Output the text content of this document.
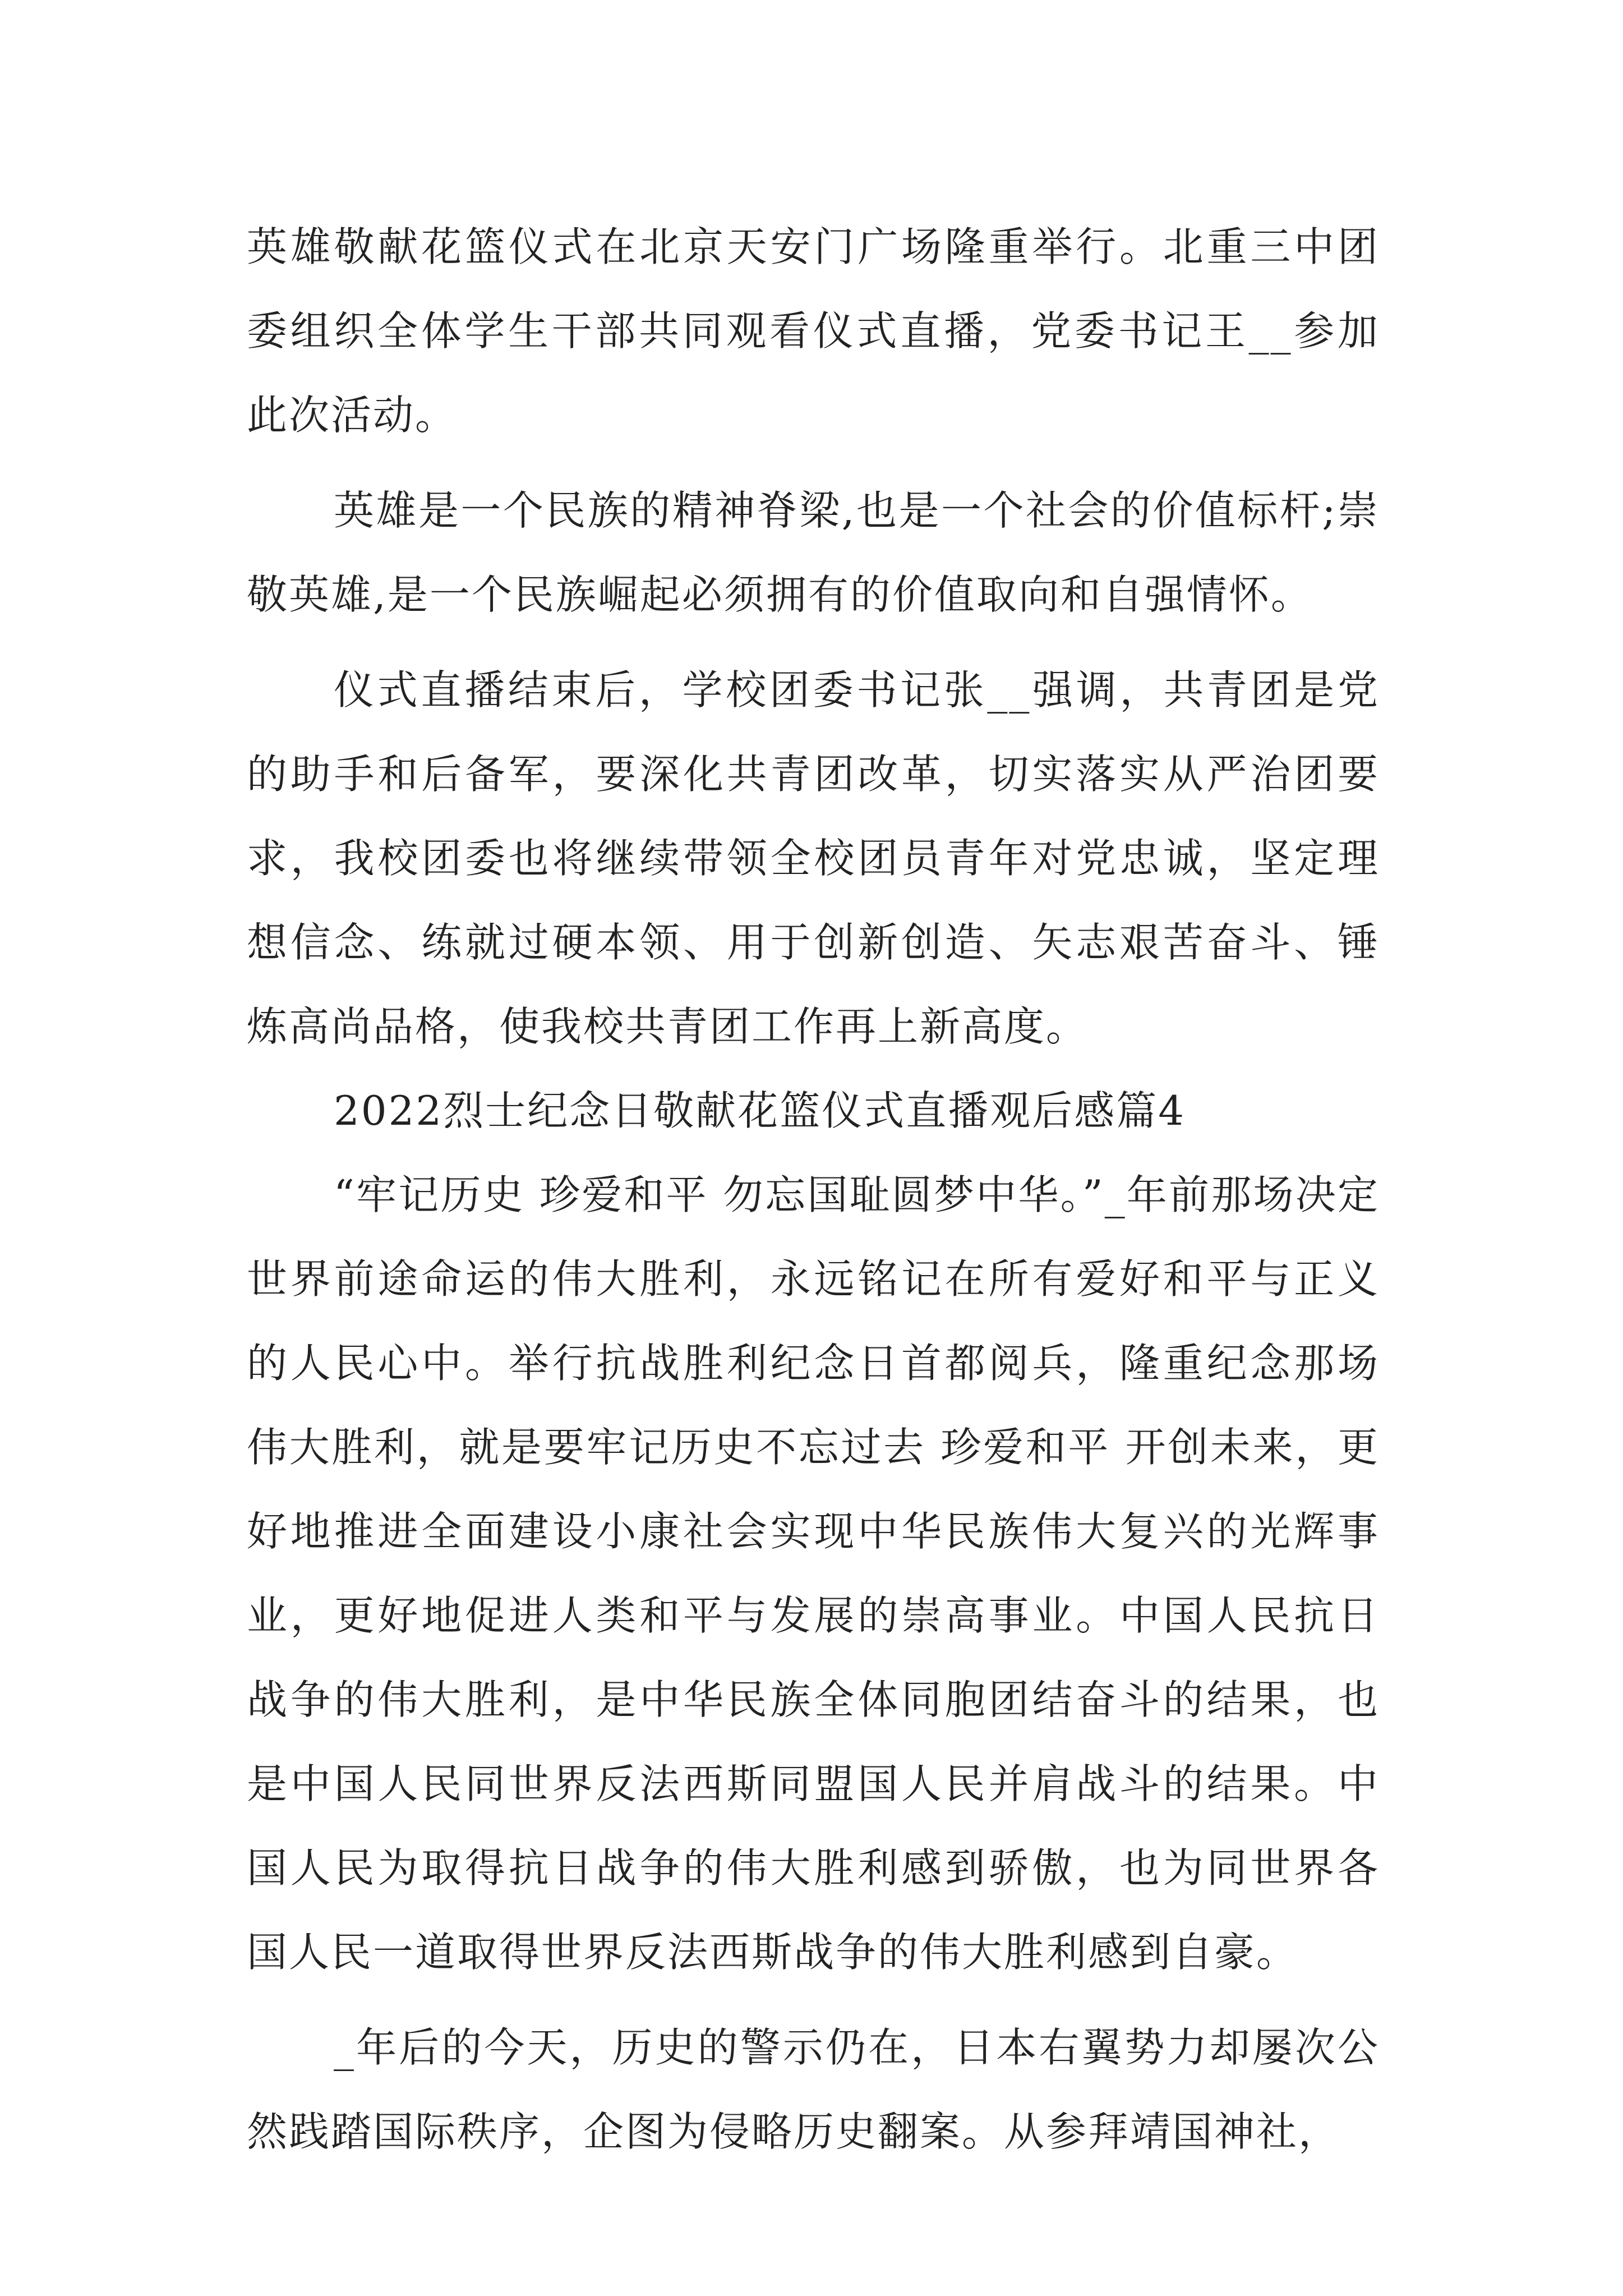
英雄敬献花篮仪式在北京天安门广场隆重举行。北重三中团委组织全体学生干部共同观看仪式直播，党委书记王__参加此次活动。

英雄是一个民族的精神脊梁,也是一个社会的价值标杆;崇敬英雄,是一个民族崛起必须拥有的价值取向和自强情怀。

仪式直播结束后，学校团委书记张__强调，共青团是党的助手和后备军，要深化共青团改革，切实落实从严治团要求，我校团委也将继续带领全校团员青年对党忠诚，坚定理想信念、练就过硬本领、用于创新创造、矢志艰苦奋斗、锤炼高尚品格，使我校共青团工作再上新高度。

2022烈士纪念日敬献花篮仪式直播观后感篇4

“牢记历史 珍爱和平 勿忘国耻圆梦中华。”_年前那场决定世界前途命运的伟大胜利，永远铭记在所有爱好和平与正义的人民心中。举行抗战胜利纪念日首都阅兵，隆重纪念那场伟大胜利，就是要牢记历史不忘过去 珍爱和平 开创未来，更好地推进全面建设小康社会实现中华民族伟大复兴的光辉事业，更好地促进人类和平与发展的崇高事业。中国人民抗日战争的伟大胜利，是中华民族全体同胞团结奋斗的结果，也是中国人民同世界反法西斯同盟国人民并肩战斗的结果。中国人民为取得抗日战争的伟大胜利感到骄傲，也为同世界各国人民一道取得世界反法西斯战争的伟大胜利感到自豪。

_年后的今天，历史的警示仍在，日本右翼势力却屡次公然践踏国际秩序，企图为侵略历史翻案。从参拜靖国神社，
